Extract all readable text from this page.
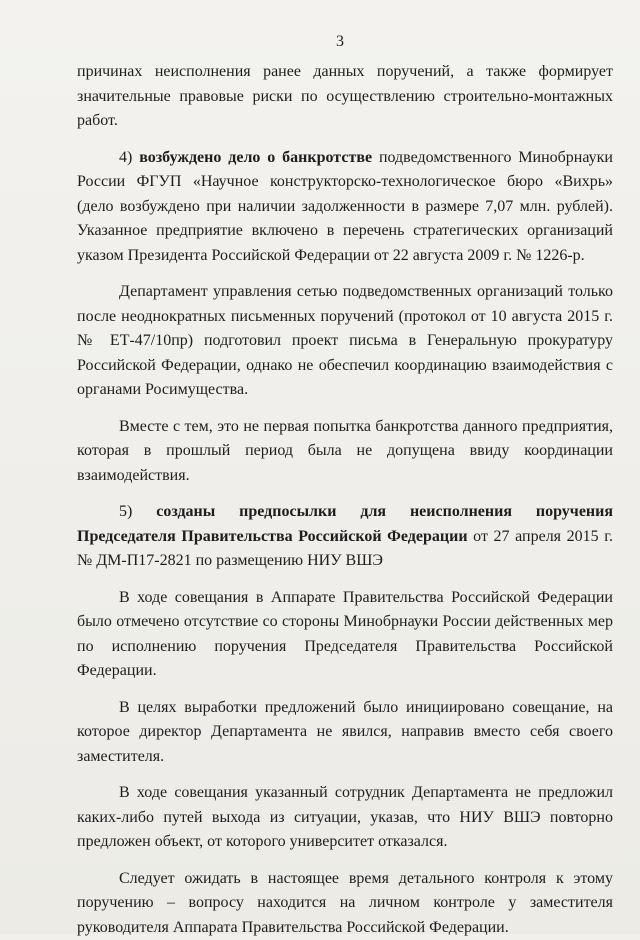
3

причинах неисполнения ранее данных поручений, а также формирует значительные правовые риски по осуществлению строительно-монтажных работ.

4) возбуждено дело о банкротстве подведомственного Минобрнауки России ФГУП «Научное конструкторско-технологическое бюро «Вихрь» (дело возбуждено при наличии задолженности в размере 7,07 млн. рублей). Указанное предприятие включено в перечень стратегических организаций указом Президента Российской Федерации от 22 августа 2009 г. № 1226-р.

Департамент управления сетью подведомственных организаций только после неоднократных письменных поручений (протокол от 10 августа 2015 г. № ЕТ-47/10пр) подготовил проект письма в Генеральную прокуратуру Российской Федерации, однако не обеспечил координацию взаимодействия с органами Росимущества.

Вместе с тем, это не первая попытка банкротства данного предприятия, которая в прошлый период была не допущена ввиду координации взаимодействия.

5) созданы предпосылки для неисполнения поручения Председателя Правительства Российской Федерации от 27 апреля 2015 г. № ДМ-П17-2821 по размещению НИУ ВШЭ

В ходе совещания в Аппарате Правительства Российской Федерации было отмечено отсутствие со стороны Минобрнауки России действенных мер по исполнению поручения Председателя Правительства Российской Федерации.

В целях выработки предложений было инициировано совещание, на которое директор Департамента не явился, направив вместо себя своего заместителя.

В ходе совещания указанный сотрудник Департамента не предложил каких-либо путей выхода из ситуации, указав, что НИУ ВШЭ повторно предложен объект, от которого университет отказался.

Следует ожидать в настоящее время детального контроля к этому поручению – вопросу находится на личном контроле у заместителя руководителя Аппарата Правительства Российской Федерации.
